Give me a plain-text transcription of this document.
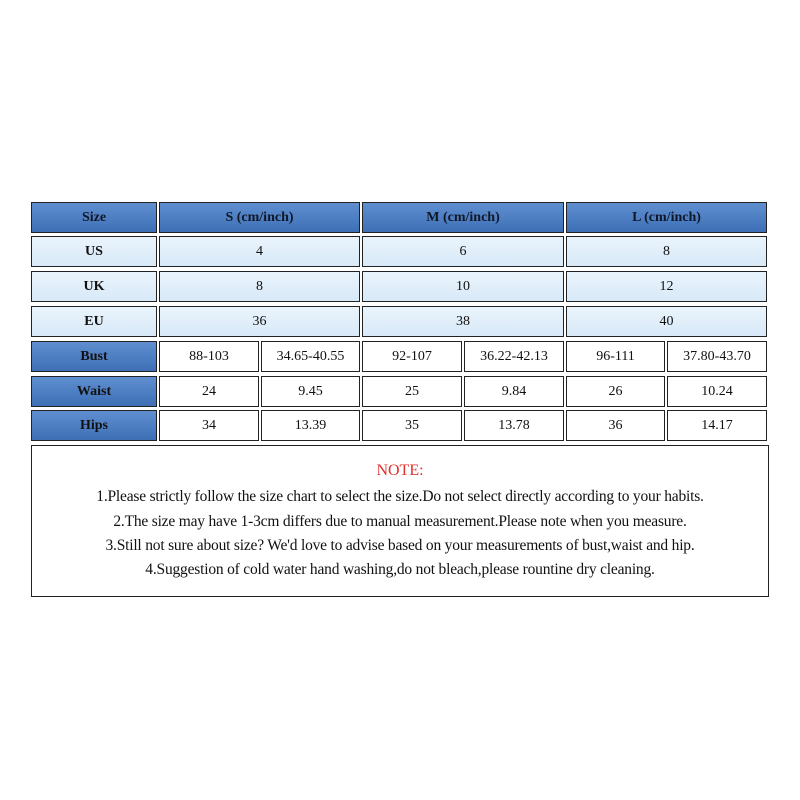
Size	S (cm/inch)	M (cm/inch)	L (cm/inch)
US	4	6	8
UK	8	10	12
EU	36	38	40
Bust	88-103	34.65-40.55	92-107	36.22-42.13	96-111	37.80-43.70
Waist	24	9.45	25	9.84	26	10.24
Hips	34	13.39	35	13.78	36	14.17
NOTE:
1.Please strictly follow the size chart to select the size.Do not select directly according to your habits.
2.The size may have 1-3cm differs due to manual measurement.Please note when you measure.
3.Still not sure about size? We'd love to advise based on your measurements of bust,waist and hip.
4.Suggestion of cold water hand washing,do not bleach,please rountine dry cleaning.
